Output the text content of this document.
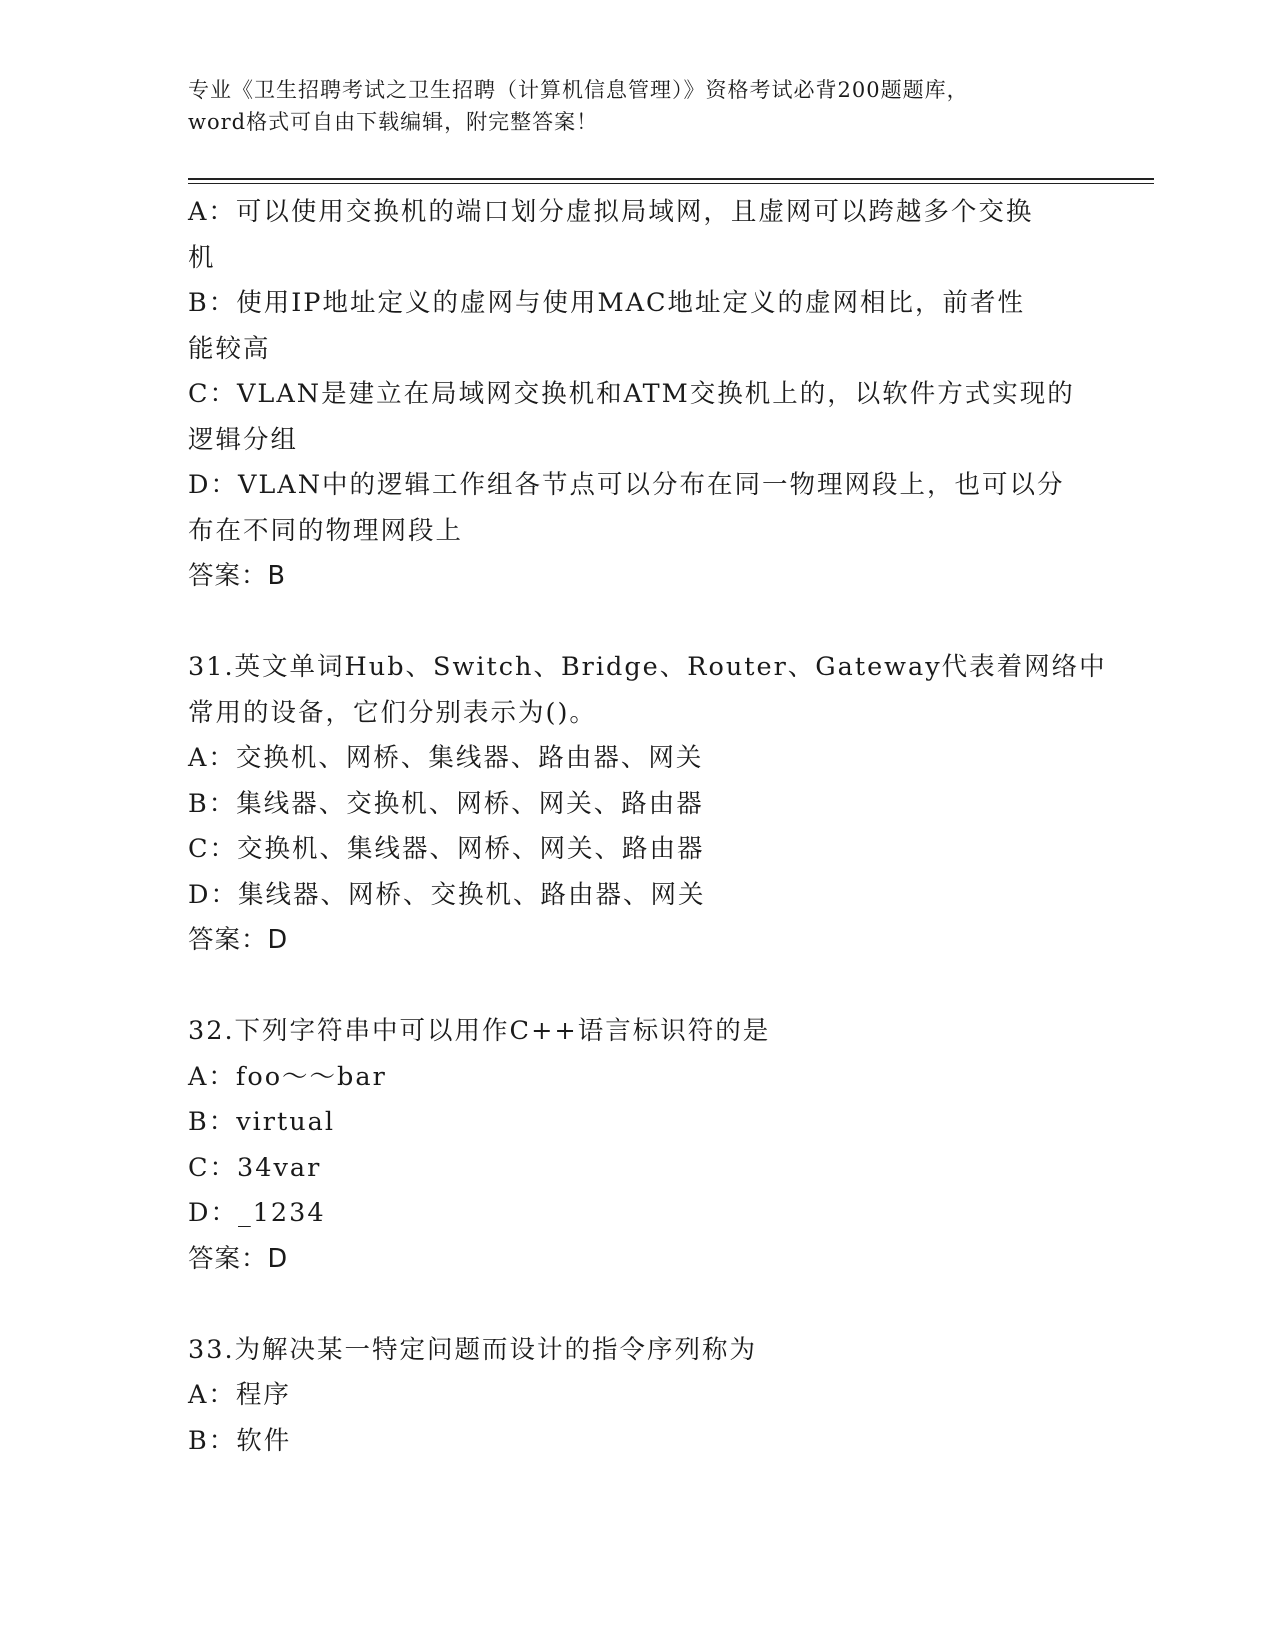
专业《卫生招聘考试之卫生招聘（计算机信息管理）》资格考试必背200题题库，
word格式可自由下载编辑，附完整答案！
A：可以使用交换机的端口划分虚拟局域网，且虚网可以跨越多个交换
机
B：使用IP地址定义的虚网与使用MAC地址定义的虚网相比，前者性
能较高
C：VLAN是建立在局域网交换机和ATM交换机上的，以软件方式实现的
逻辑分组
D：VLAN中的逻辑工作组各节点可以分布在同一物理网段上，也可以分
布在不同的物理网段上
答案：B
31.英文单词Hub、Switch、Bridge、Router、Gateway代表着网络中
常用的设备，它们分别表示为()。
A：交换机、网桥、集线器、路由器、网关
B：集线器、交换机、网桥、网关、路由器
C：交换机、集线器、网桥、网关、路由器
D：集线器、网桥、交换机、路由器、网关
答案：D
32.下列字符串中可以用作C++语言标识符的是
A：foo～～bar
B：virtual
C：34var
D：_1234
答案：D
33.为解决某一特定问题而设计的指令序列称为
A：程序
B：软件
